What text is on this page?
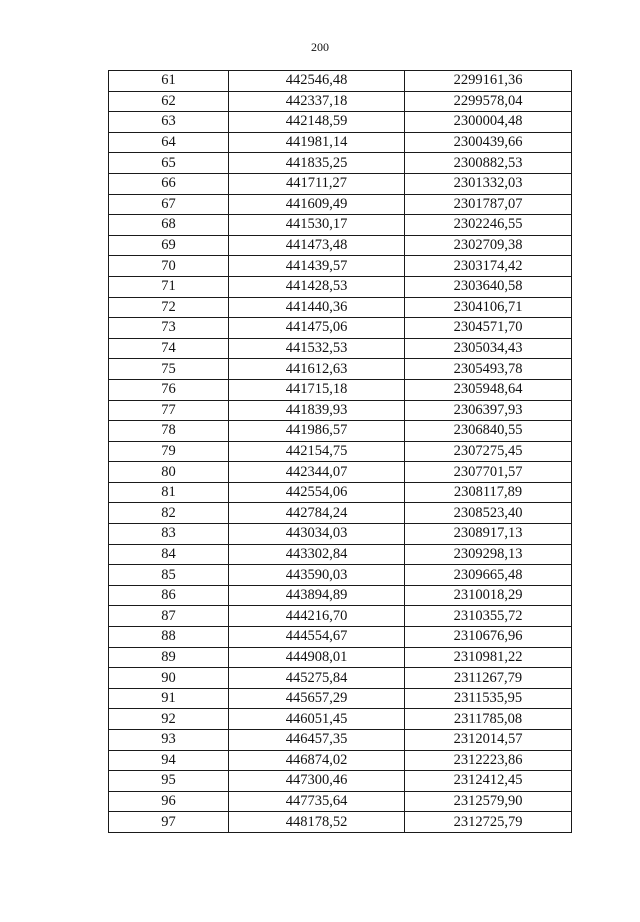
200
61	442546,48	2299161,36
62	442337,18	2299578,04
63	442148,59	2300004,48
64	441981,14	2300439,66
65	441835,25	2300882,53
66	441711,27	2301332,03
67	441609,49	2301787,07
68	441530,17	2302246,55
69	441473,48	2302709,38
70	441439,57	2303174,42
71	441428,53	2303640,58
72	441440,36	2304106,71
73	441475,06	2304571,70
74	441532,53	2305034,43
75	441612,63	2305493,78
76	441715,18	2305948,64
77	441839,93	2306397,93
78	441986,57	2306840,55
79	442154,75	2307275,45
80	442344,07	2307701,57
81	442554,06	2308117,89
82	442784,24	2308523,40
83	443034,03	2308917,13
84	443302,84	2309298,13
85	443590,03	2309665,48
86	443894,89	2310018,29
87	444216,70	2310355,72
88	444554,67	2310676,96
89	444908,01	2310981,22
90	445275,84	2311267,79
91	445657,29	2311535,95
92	446051,45	2311785,08
93	446457,35	2312014,57
94	446874,02	2312223,86
95	447300,46	2312412,45
96	447735,64	2312579,90
97	448178,52	2312725,79
